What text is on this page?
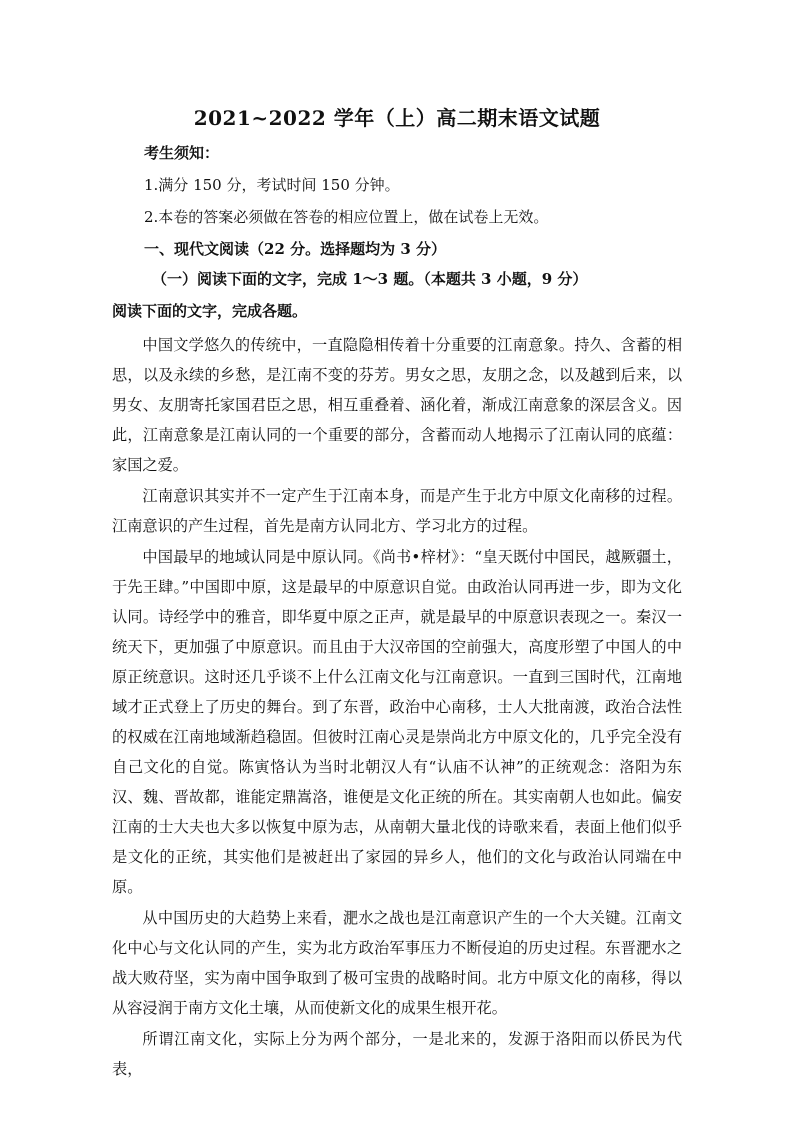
2021~2022 学年（上）高二期末语文试题
考生须知：
1.满分 150 分，考试时间 150 分钟。
2.本卷的答案必须做在答卷的相应位置上，做在试卷上无效。
一、现代文阅读（22 分。选择题均为 3 分）
（一）阅读下面的文字，完成 1～3 题。（本题共 3 小题，9 分）
阅读下面的文字，完成各题。

中国文学悠久的传统中，一直隐隐相传着十分重要的江南意象。持久、含蓄的相思，以及永续的乡愁，是江南不变的芬芳。男女之思，友朋之念，以及越到后来，以男女、友朋寄托家国君臣之思，相互重叠着、涵化着，渐成江南意象的深层含义。因此，江南意象是江南认同的一个重要的部分，含蓄而动人地揭示了江南认同的底蕴：家国之爱。

江南意识其实并不一定产生于江南本身，而是产生于北方中原文化南移的过程。江南意识的产生过程，首先是南方认同北方、学习北方的过程。

中国最早的地域认同是中原认同。《尚书•梓材》：“皇天既付中国民，越厥疆土，于先王肆。”中国即中原，这是最早的中原意识自觉。由政治认同再进一步，即为文化认同。诗经学中的雅音，即华夏中原之正声，就是最早的中原意识表现之一。秦汉一统天下，更加强了中原意识。而且由于大汉帝国的空前强大，高度形塑了中国人的中原正统意识。这时还几乎谈不上什么江南文化与江南意识。一直到三国时代，江南地域才正式登上了历史的舞台。到了东晋，政治中心南移，士人大批南渡，政治合法性的权威在江南地域渐趋稳固。但彼时江南心灵是崇尚北方中原文化的，几乎完全没有自己文化的自觉。陈寅恪认为当时北朝汉人有“认庙不认神”的正统观念：洛阳为东汉、魏、晋故都，谁能定鼎嵩洛，谁便是文化正统的所在。其实南朝人也如此。偏安江南的士大夫也大多以恢复中原为志，从南朝大量北伐的诗歌来看，表面上他们似乎是文化的正统，其实他们是被赶出了家园的异乡人，他们的文化与政治认同端在中原。

从中国历史的大趋势上来看，淝水之战也是江南意识产生的一个大关键。江南文化中心与文化认同的产生，实为北方政治军事压力不断侵迫的历史过程。东晋淝水之战大败苻坚，实为南中国争取到了极可宝贵的战略时间。北方中原文化的南移，得以从容浸润于南方文化土壤，从而使新文化的成果生根开花。

所谓江南文化，实际上分为两个部分，一是北来的，发源于洛阳而以侨民为代表，
